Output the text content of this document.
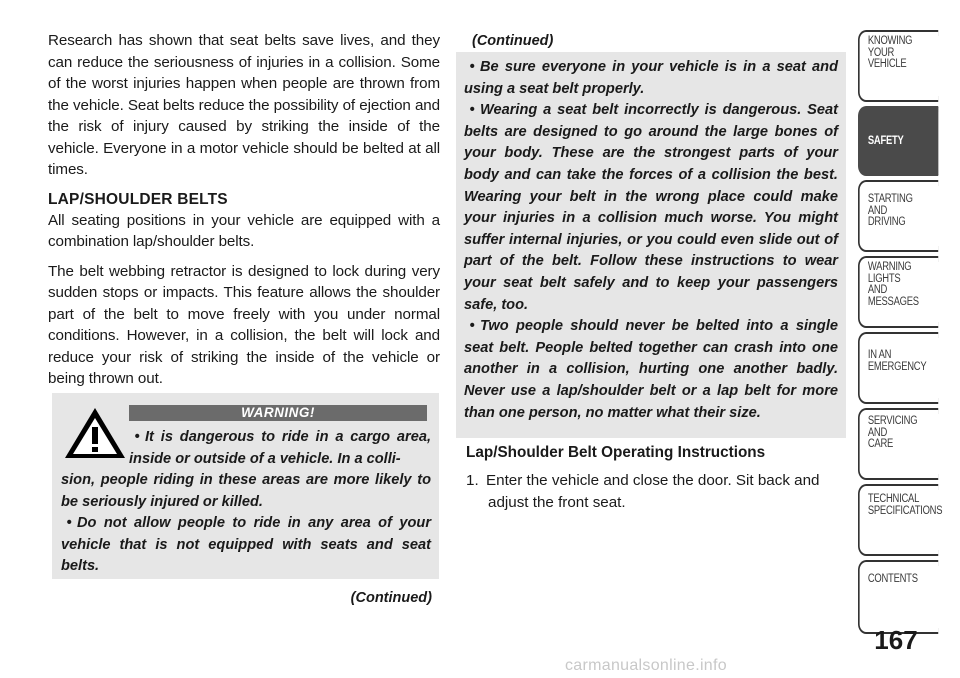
Research has shown that seat belts save lives, and they can reduce the seriousness of injuries in a collision. Some of the worst injuries happen when people are thrown from the vehicle. Seat belts reduce the possibility of ejection and the risk of injury caused by striking the inside of the vehicle. Everyone in a motor vehicle should be belted at all times.

LAP/SHOULDER BELTS

All seating positions in your vehicle are equipped with a combination lap/shoulder belts.

The belt webbing retractor is designed to lock during very sudden stops or impacts. This feature allows the shoulder part of the belt to move freely with you under normal conditions. However, in a collision, the belt will lock and reduce your risk of striking the inside of the vehicle or being thrown out.

WARNING!

• It is dangerous to ride in a cargo area, inside or outside of a vehicle. In a colli-

sion, people riding in these areas are more likely to be seriously injured or killed.

• Do not allow people to ride in any area of your vehicle that is not equipped with seats and seat belts.

(Continued)
(Continued)

• Be sure everyone in your vehicle is in a seat and using a seat belt properly.

• Wearing a seat belt incorrectly is dangerous. Seat belts are designed to go around the large bones of your body. These are the strongest parts of your body and can take the forces of a collision the best. Wearing your belt in the wrong place could make your injuries in a collision much worse. You might suffer internal injuries, or you could even slide out of part of the belt. Follow these instructions to wear your seat belt safely and to keep your passengers safe, too.

• Two people should never be belted into a single seat belt. People belted together can crash into one another in a collision, hurting one another badly. Never use a lap/shoulder belt or a lap belt for more than one person, no matter what their size.

Lap/Shoulder Belt Operating Instructions

1. Enter the vehicle and close the door. Sit back and
adjust the front seat.

KNOWING
YOUR
VEHICLE
SAFETY
STARTING
AND
DRIVING
WARNING
LIGHTS
AND
MESSAGES
IN AN
EMERGENCY
SERVICING
AND
CARE
TECHNICAL
SPECIFICATIONS
CONTENTS
167
carmanualsonline.info
